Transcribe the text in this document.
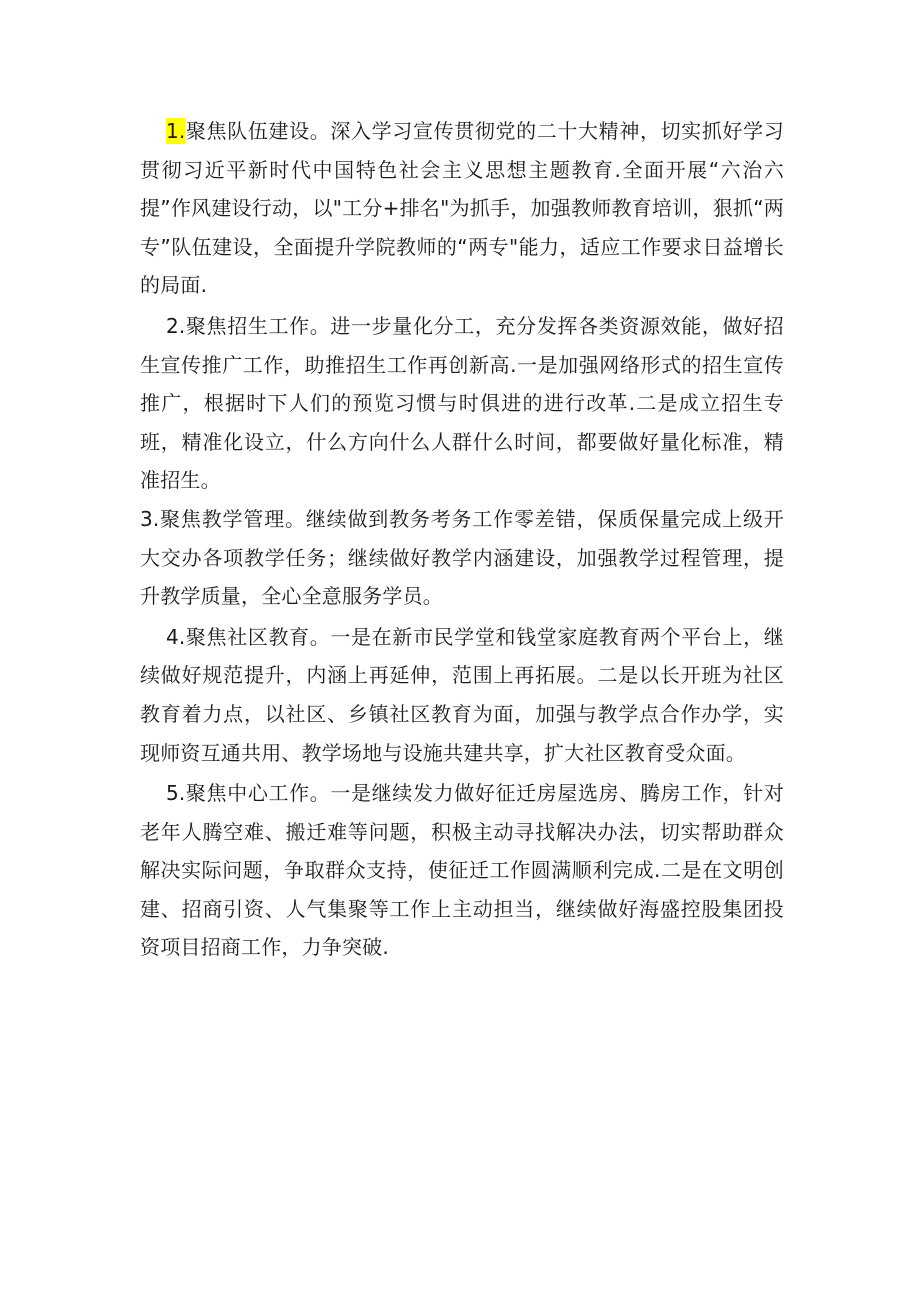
1.聚焦队伍建设。深入学习宣传贯彻党的二十大精神，切实抓好学习贯彻习近平新时代中国特色社会主义思想主题教育.全面开展“六治六提”作风建设行动，以"工分+排名"为抓手，加强教师教育培训，狠抓“两专”队伍建设，全面提升学院教师的“两专"能力，适应工作要求日益增长的局面.

2.聚焦招生工作。进一步量化分工，充分发挥各类资源效能，做好招生宣传推广工作，助推招生工作再创新高.一是加强网络形式的招生宣传推广，根据时下人们的预览习惯与时俱进的进行改革.二是成立招生专班，精准化设立，什么方向什么人群什么时间，都要做好量化标准，精准招生。

3.聚焦教学管理。继续做到教务考务工作零差错，保质保量完成上级开大交办各项教学任务；继续做好教学内涵建设，加强教学过程管理，提升教学质量，全心全意服务学员。

4.聚焦社区教育。一是在新市民学堂和钱堂家庭教育两个平台上，继续做好规范提升，内涵上再延伸，范围上再拓展。二是以长开班为社区教育着力点，以社区、乡镇社区教育为面，加强与教学点合作办学，实现师资互通共用、教学场地与设施共建共享，扩大社区教育受众面。

5.聚焦中心工作。一是继续发力做好征迁房屋选房、腾房工作，针对老年人腾空难、搬迁难等问题，积极主动寻找解决办法，切实帮助群众解决实际问题，争取群众支持，使征迁工作圆满顺利完成.二是在文明创建、招商引资、人气集聚等工作上主动担当，继续做好海盛控股集团投资项目招商工作，力争突破.
